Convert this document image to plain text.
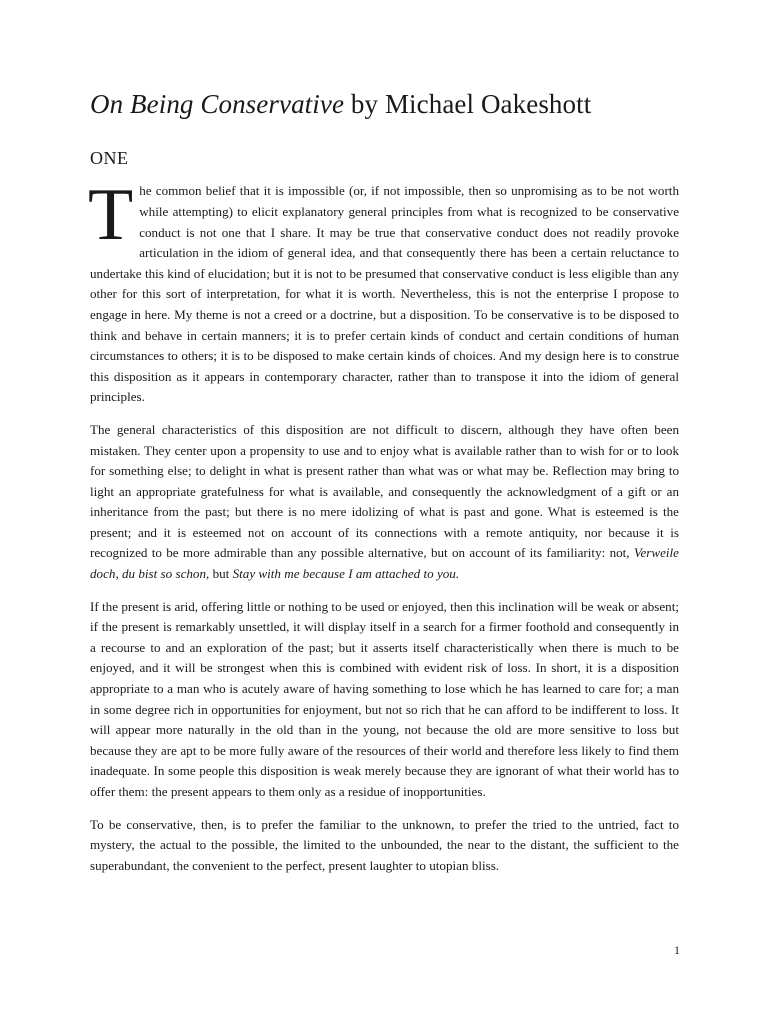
On Being Conservative by Michael Oakeshott
ONE

The common belief that it is impossible (or, if not impossible, then so unpromising as to be not worth while attempting) to elicit explanatory general principles from what is recognized to be conservative conduct is not one that I share. It may be true that conservative conduct does not readily provoke articulation in the idiom of general idea, and that consequently there has been a certain reluctance to undertake this kind of elucidation; but it is not to be presumed that conservative conduct is less eligible than any other for this sort of interpretation, for what it is worth. Nevertheless, this is not the enterprise I propose to engage in here. My theme is not a creed or a doctrine, but a disposition. To be conservative is to be disposed to think and behave in certain manners; it is to prefer certain kinds of conduct and certain conditions of human circumstances to others; it is to be disposed to make certain kinds of choices. And my design here is to construe this disposition as it appears in contemporary character, rather than to transpose it into the idiom of general principles.

The general characteristics of this disposition are not difficult to discern, although they have often been mistaken. They center upon a propensity to use and to enjoy what is available rather than to wish for or to look for something else; to delight in what is present rather than what was or what may be. Reflection may bring to light an appropriate gratefulness for what is available, and consequently the acknowledgment of a gift or an inheritance from the past; but there is no mere idolizing of what is past and gone. What is esteemed is the present; and it is esteemed not on account of its connections with a remote antiquity, nor because it is recognized to be more admirable than any possible alternative, but on account of its familiarity: not, Verweile doch, du bist so schon, but Stay with me because I am attached to you.

If the present is arid, offering little or nothing to be used or enjoyed, then this inclination will be weak or absent; if the present is remarkably unsettled, it will display itself in a search for a firmer foothold and consequently in a recourse to and an exploration of the past; but it asserts itself characteristically when there is much to be enjoyed, and it will be strongest when this is combined with evident risk of loss. In short, it is a disposition appropriate to a man who is acutely aware of having something to lose which he has learned to care for; a man in some degree rich in opportunities for enjoyment, but not so rich that he can afford to be indifferent to loss. It will appear more naturally in the old than in the young, not because the old are more sensitive to loss but because they are apt to be more fully aware of the resources of their world and therefore less likely to find them inadequate. In some people this disposition is weak merely because they are ignorant of what their world has to offer them: the present appears to them only as a residue of inopportunities.

To be conservative, then, is to prefer the familiar to the unknown, to prefer the tried to the untried, fact to mystery, the actual to the possible, the limited to the unbounded, the near to the distant, the sufficient to the superabundant, the convenient to the perfect, present laughter to utopian bliss.

1
